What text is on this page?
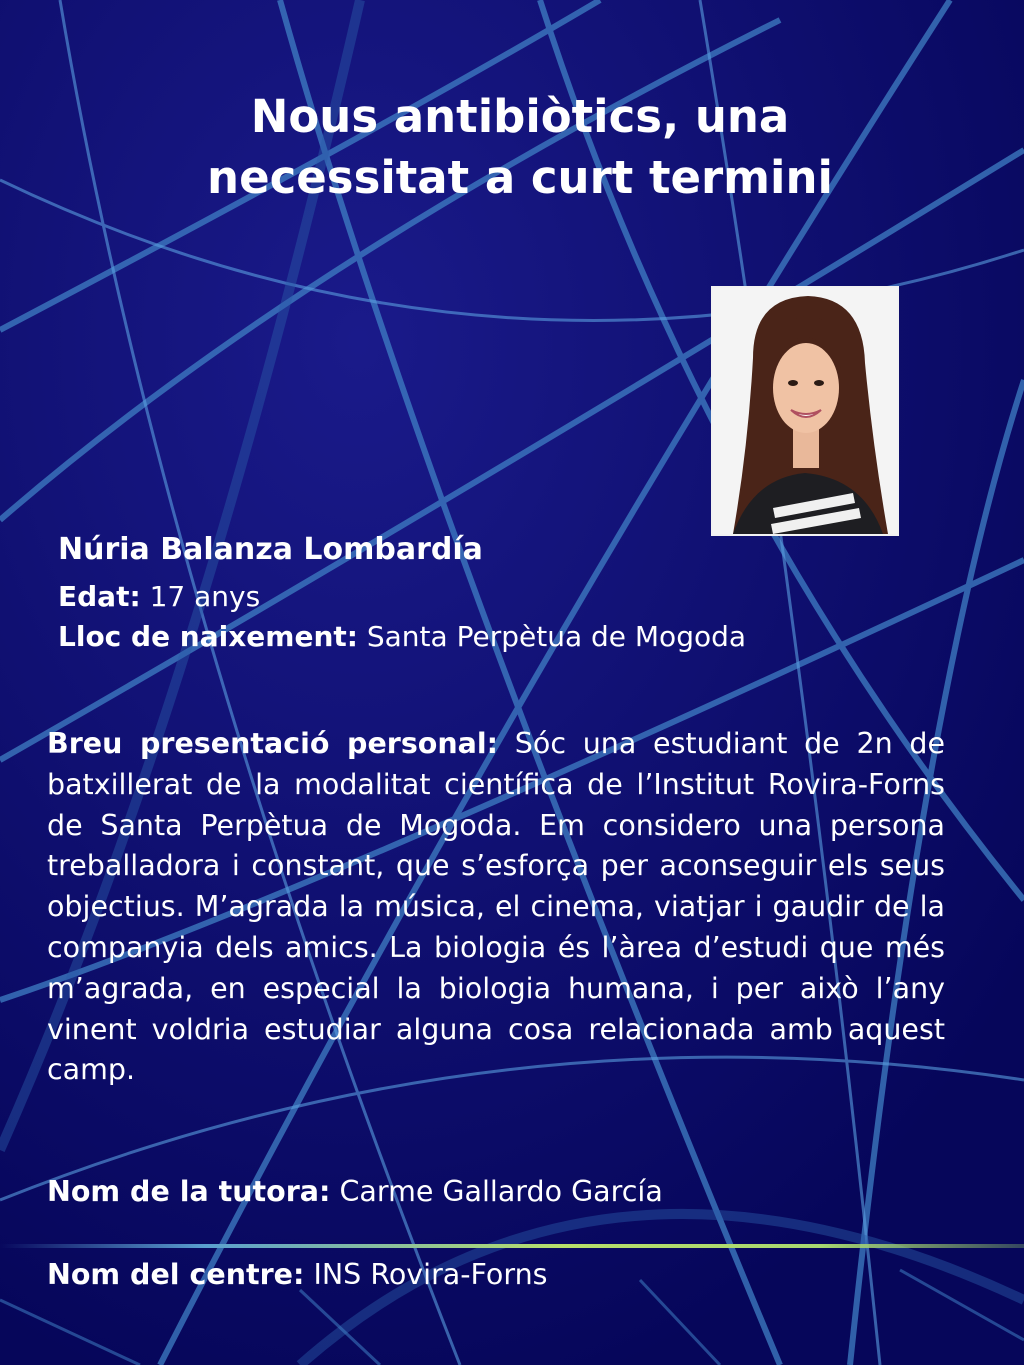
Nous antibiòtics, una
necessitat a curt termini

Núria Balanza Lombardía

Edat: 17 anys

Lloc de naixement: Santa Perpètua de Mogoda

Breu presentació personal: Sóc una estudiant de 2n de batxillerat de la modalitat científica de l’Institut Rovira-Forns de Santa Perpètua de Mogoda. Em considero una persona treballadora i constant, que s’esforça per aconseguir els seus objectius. M’agrada la música, el cinema, viatjar i gaudir de la companyia dels amics. La biologia és l’àrea d’estudi que més m’agrada, en especial la biologia humana, i per això l’any vinent voldria estudiar alguna cosa relacionada amb aquest camp.

Nom de la tutora: Carme Gallardo García

Nom del centre: INS Rovira-Forns
